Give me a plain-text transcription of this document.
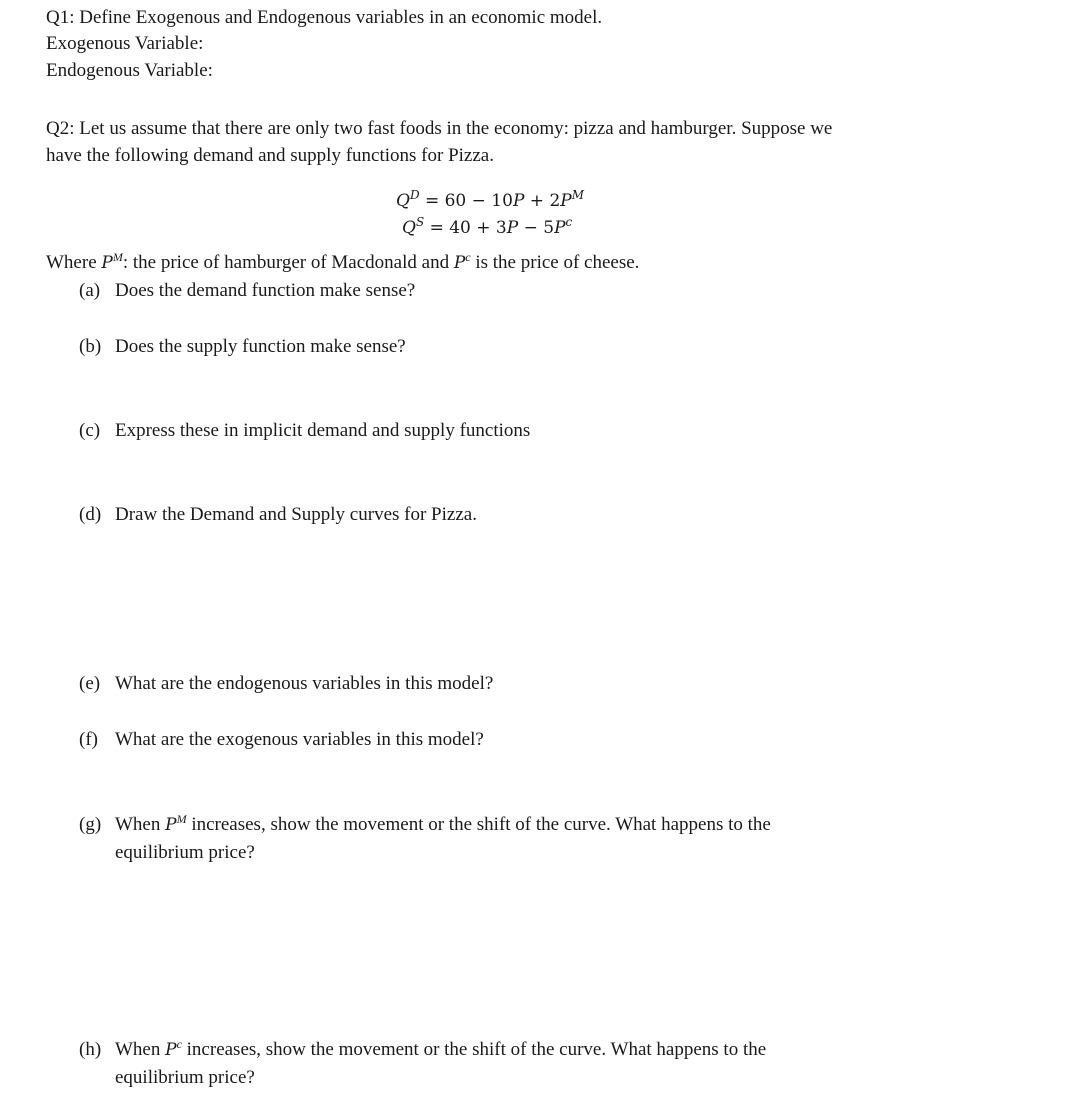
Q1: Define Exogenous and Endogenous variables in an economic model.
Exogenous Variable:
Endogenous Variable:
Q2: Let us assume that there are only two fast foods in the economy: pizza and hamburger. Suppose we
have the following demand and supply functions for Pizza.
$Q^D = 60 - 10P + 2P^M$
$Q^S = 40 + 3P - 5P^c$
Where $P^M$: the price of hamburger of Macdonald and $P^c$ is the price of cheese.
(a) Does the demand function make sense?
(b) Does the supply function make sense?
(c) Express these in implicit demand and supply functions
(d) Draw the Demand and Supply curves for Pizza.
(e) What are the endogenous variables in this model?
(f) What are the exogenous variables in this model?
(g) When $P^M$ increases, show the movement or the shift of the curve. What happens to the
equilibrium price?
(h) When $P^c$ increases, show the movement or the shift of the curve. What happens to the
equilibrium price?
